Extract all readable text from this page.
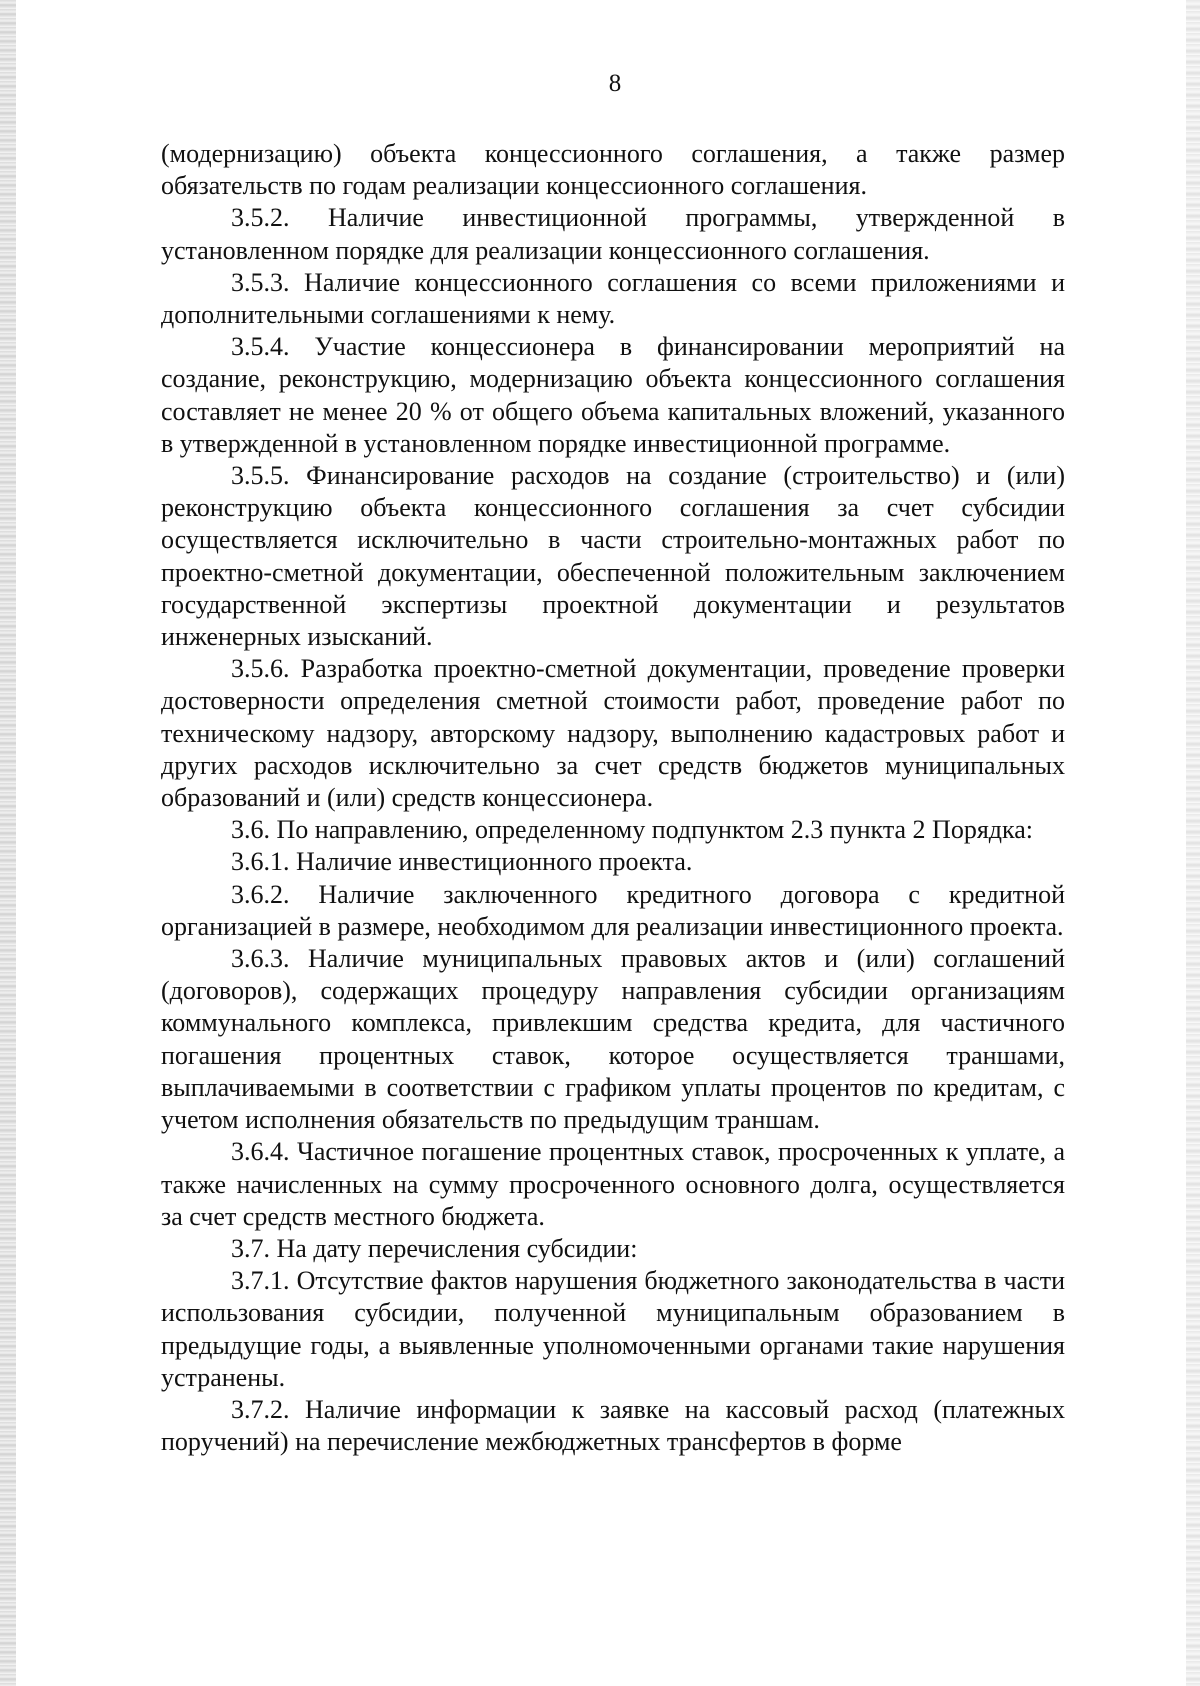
8

(модернизацию) объекта концессионного соглашения, а также размер обязательств по годам реализации концессионного соглашения.

3.5.2. Наличие инвестиционной программы, утвержденной в установленном порядке для реализации концессионного соглашения.

3.5.3. Наличие концессионного соглашения со всеми приложениями и дополнительными соглашениями к нему.

3.5.4. Участие концессионера в финансировании мероприятий на создание, реконструкцию, модернизацию объекта концессионного соглашения составляет не менее 20 % от общего объема капитальных вложений, указанного в утвержденной в установленном порядке инвестиционной программе.

3.5.5. Финансирование расходов на создание (строительство) и (или) реконструкцию объекта концессионного соглашения за счет субсидии осуществляется исключительно в части строительно-монтажных работ по проектно-сметной документации, обеспеченной положительным заключением государственной экспертизы проектной документации и результатов инженерных изысканий.

3.5.6. Разработка проектно-сметной документации, проведение проверки достоверности определения сметной стоимости работ, проведение работ по техническому надзору, авторскому надзору, выполнению кадастровых работ и других расходов исключительно за счет средств бюджетов муниципальных образований и (или) средств концессионера.

3.6. По направлению, определенному подпунктом 2.3 пункта 2 Порядка:

3.6.1. Наличие инвестиционного проекта.

3.6.2. Наличие заключенного кредитного договора с кредитной организацией в размере, необходимом для реализации инвестиционного проекта.

3.6.3. Наличие муниципальных правовых актов и (или) соглашений (договоров), содержащих процедуру направления субсидии организациям коммунального комплекса, привлекшим средства кредита, для частичного погашения процентных ставок, которое осуществляется траншами, выплачиваемыми в соответствии с графиком уплаты процентов по кредитам, с учетом исполнения обязательств по предыдущим траншам.

3.6.4. Частичное погашение процентных ставок, просроченных к уплате, а также начисленных на сумму просроченного основного долга, осуществляется за счет средств местного бюджета.

3.7. На дату перечисления субсидии:

3.7.1. Отсутствие фактов нарушения бюджетного законодательства в части использования субсидии, полученной муниципальным образованием в предыдущие годы, а выявленные уполномоченными органами такие нарушения устранены.

3.7.2. Наличие информации к заявке на кассовый расход (платежных поручений) на перечисление межбюджетных трансфертов в форме
